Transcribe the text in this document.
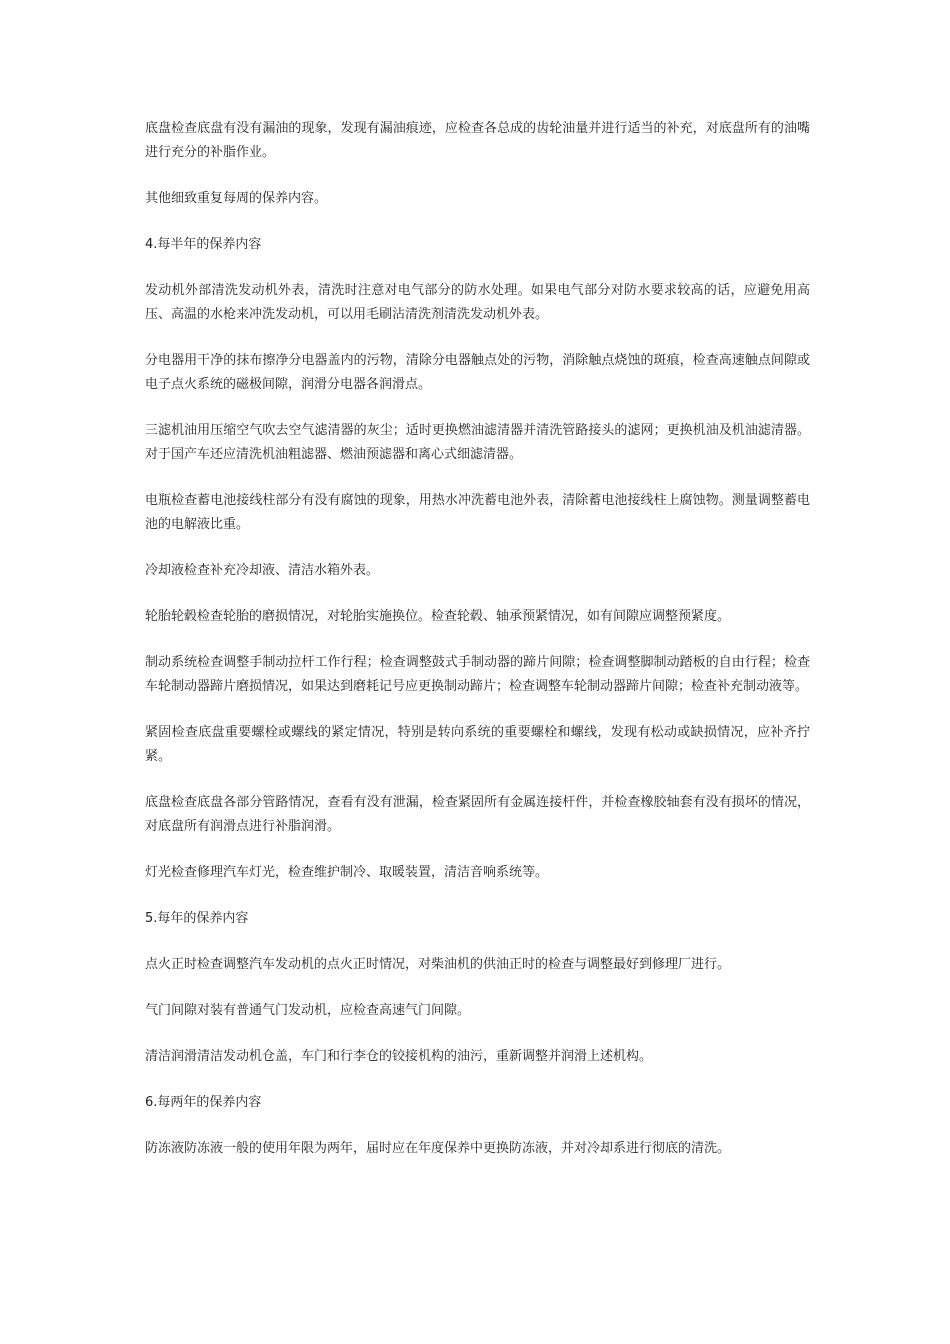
底盘检查底盘有没有漏油的现象，发现有漏油痕迹，应检查各总成的齿轮油量并进行适当的补充，对底盘所有的油嘴进行充分的补脂作业。

其他细致重复每周的保养内容。

4.每半年的保养内容

发动机外部清洗发动机外表，清洗时注意对电气部分的防水处理。如果电气部分对防水要求较高的话，应避免用高压、高温的水枪来冲洗发动机，可以用毛刷沾清洗剂清洗发动机外表。

分电器用干净的抹布擦净分电器盖内的污物，清除分电器触点处的污物，消除触点烧蚀的斑痕，检查高速触点间隙或电子点火系统的磁极间隙，润滑分电器各润滑点。

三滤机油用压缩空气吹去空气滤清器的灰尘；适时更换燃油滤清器并清洗管路接头的滤网；更换机油及机油滤清器。对于国产车还应清洗机油粗滤器、燃油预滤器和离心式细滤清器。

电瓶检查蓄电池接线柱部分有没有腐蚀的现象，用热水冲洗蓄电池外表，清除蓄电池接线柱上腐蚀物。测量调整蓄电池的电解液比重。

冷却液检查补充冷却液、清洁水箱外表。

轮胎轮毂检查轮胎的磨损情况，对轮胎实施换位。检查轮毂、轴承预紧情况，如有间隙应调整预紧度。

制动系统检查调整手制动拉杆工作行程；检查调整鼓式手制动器的蹄片间隙；检查调整脚制动踏板的自由行程；检查车轮制动器蹄片磨损情况，如果达到磨耗记号应更换制动蹄片；检查调整车轮制动器蹄片间隙；检查补充制动液等。

紧固检查底盘重要螺栓或螺线的紧定情况，特别是转向系统的重要螺栓和螺线，发现有松动或缺损情况，应补齐拧紧。

底盘检查底盘各部分管路情况，查看有没有泄漏，检查紧固所有金属连接杆件，并检查橡胶轴套有没有损坏的情况，对底盘所有润滑点进行补脂润滑。

灯光检查修理汽车灯光，检查维护制冷、取暖装置，清洁音响系统等。

5.每年的保养内容

点火正时检查调整汽车发动机的点火正时情况，对柴油机的供油正时的检查与调整最好到修理厂进行。

气门间隙对装有普通气门发动机，应检查高速气门间隙。

清洁润滑清洁发动机仓盖，车门和行李仓的铰接机构的油污，重新调整并润滑上述机构。

6.每两年的保养内容

防冻液防冻液一般的使用年限为两年，届时应在年度保养中更换防冻液，并对冷却系进行彻底的清洗。
